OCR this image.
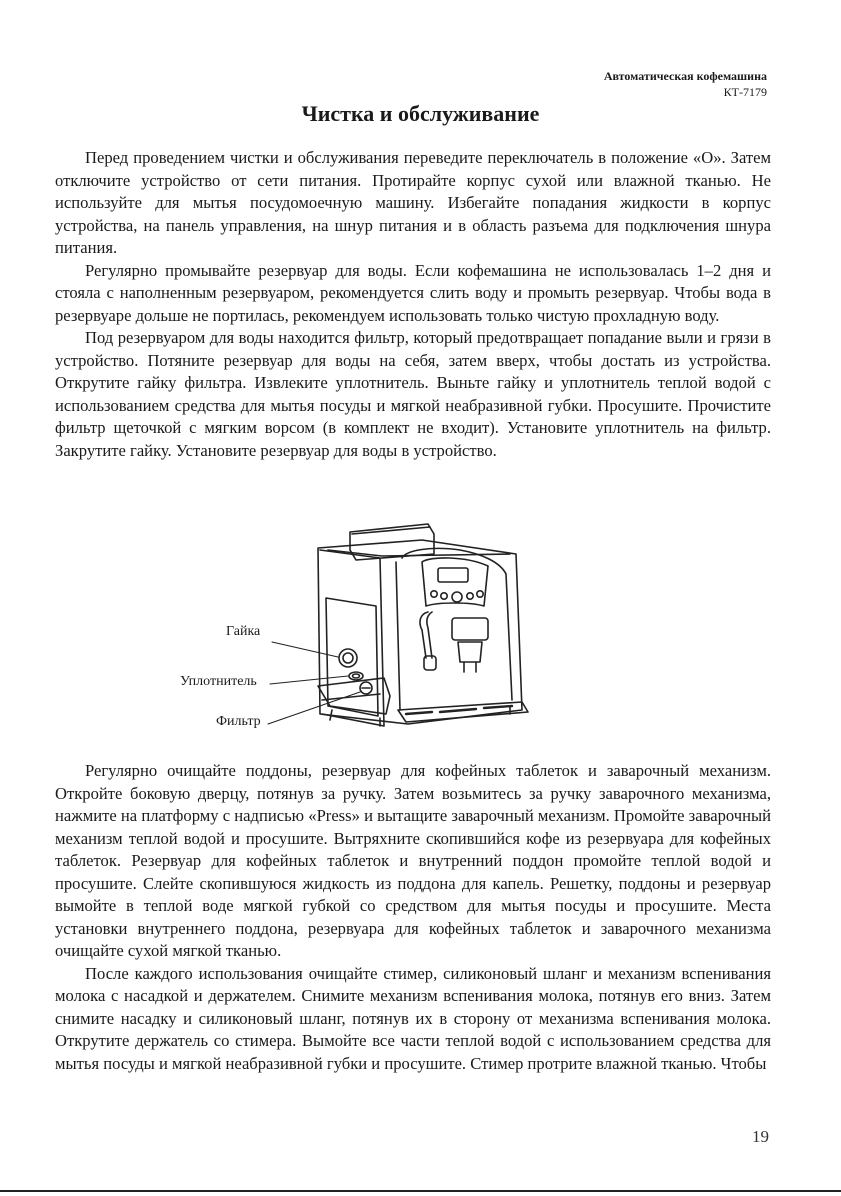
Автоматическая кофемашина
КТ-7179
Чистка и обслуживание

Перед проведением чистки и обслуживания переведите переключатель в положение «О». Затем отключите устройство от сети питания. Протирайте корпус сухой или влажной тканью. Не используйте для мытья посудомоечную машину. Избегайте попадания жидкости в корпус устройства, на панель управления, на шнур питания и в область разъема для подключения шнура питания.

Регулярно промывайте резервуар для воды. Если кофемашина не использовалась 1–2 дня и стояла с наполненным резервуаром, рекомендуется слить воду и промыть резервуар. Чтобы вода в резервуаре дольше не портилась, рекомендуем использовать только чистую прохладную воду.

Под резервуаром для воды находится фильтр, который предотвращает попадание выли и грязи в устройство. Потяните резервуар для воды на себя, затем вверх, чтобы достать из устройства. Открутите гайку фильтра. Извлеките уплотнитель. Выньте гайку и уплотнитель теплой водой с использованием средства для мытья посуды и мягкой неабразивной губки. Просушите. Прочистите фильтр щеточкой с мягким ворсом (в комплект не входит). Установите уплотнитель на фильтр. Закрутите гайку. Установите резервуар для воды в устройство.

Гайка
Уплотнитель
Фильтр

Регулярно очищайте поддоны, резервуар для кофейных таблеток и заварочный механизм. Откройте боковую дверцу, потянув за ручку. Затем возьмитесь за ручку заварочного механизма, нажмите на платформу с надписью «Press» и вытащите заварочный механизм. Промойте заварочный механизм теплой водой и просушите. Вытряхните скопившийся кофе из резервуара для кофейных таблеток. Резервуар для кофейных таблеток и внутренний поддон промойте теплой водой и просушите. Слейте скопившуюся жидкость из поддона для капель. Решетку, поддоны и резервуар вымойте в теплой воде мягкой губкой со средством для мытья посуды и просушите. Места установки внутреннего поддона, резервуара для кофейных таблеток и заварочного механизма очищайте сухой мягкой тканью.

После каждого использования очищайте стимер, силиконовый шланг и механизм вспенивания молока с насадкой и держателем. Снимите механизм вспенивания молока, потянув его вниз. Затем снимите насадку и силиконовый шланг, потянув их в сторону от механизма вспенивания молока. Открутите держатель со стимера. Вымойте все части теплой водой с использованием средства для мытья посуды и мягкой неабразивной губки и просушите. Стимер протрите влажной тканью. Чтобы

19
